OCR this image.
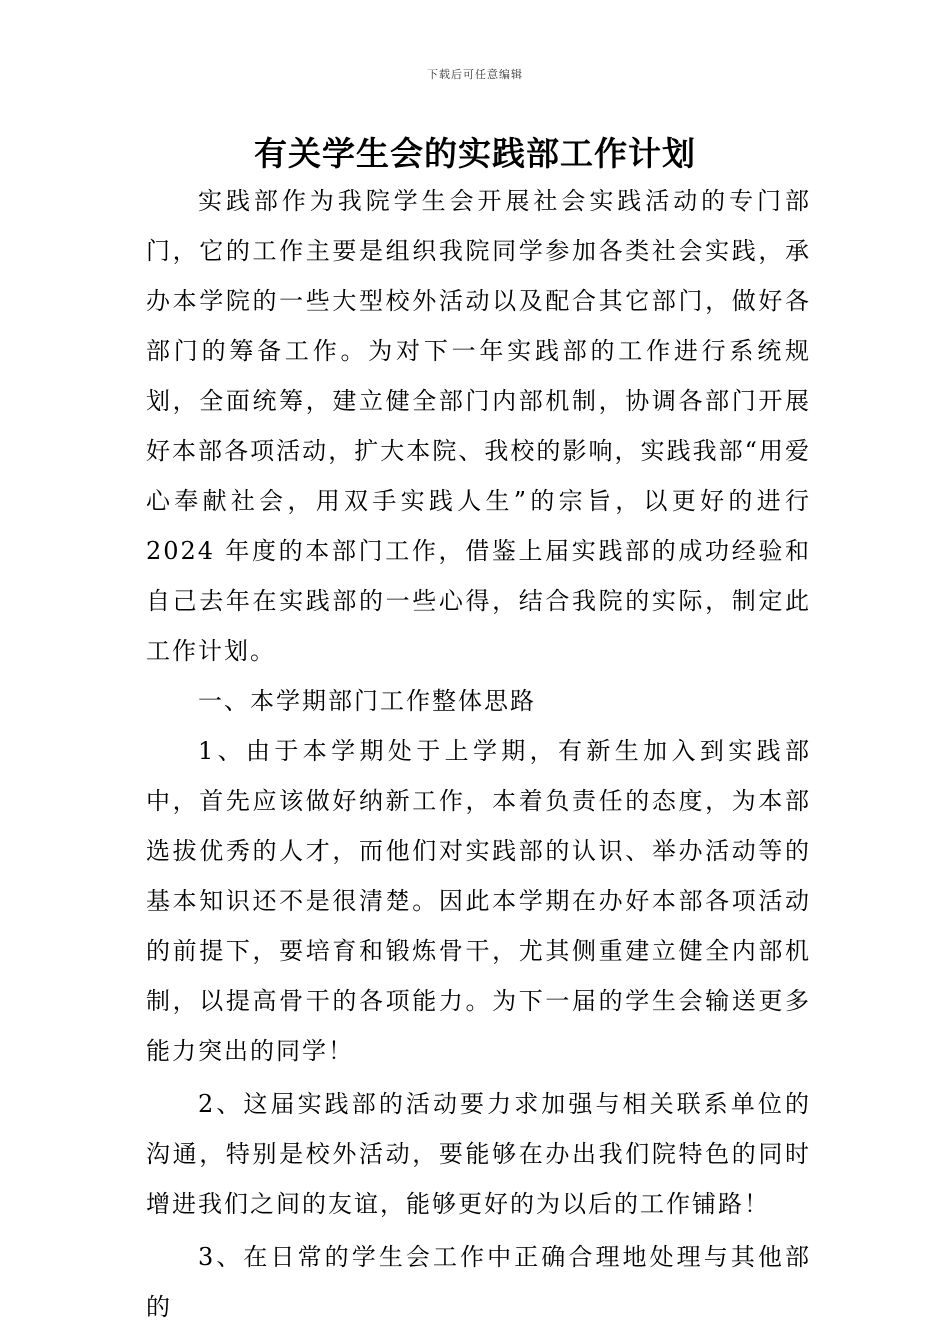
下载后可任意编辑
有关学生会的实践部工作计划

实践部作为我院学生会开展社会实践活动的专门部门，它的工作主要是组织我院同学参加各类社会实践，承办本学院的一些大型校外活动以及配合其它部门，做好各部门的筹备工作。为对下一年实践部的工作进行系统规划，全面统筹，建立健全部门内部机制，协调各部门开展好本部各项活动，扩大本院、我校的影响，实践我部“用爱心奉献社会，用双手实践人生”的宗旨，以更好的进行 2024 年度的本部门工作，借鉴上届实践部的成功经验和自己去年在实践部的一些心得，结合我院的实际，制定此工作计划。

一、本学期部门工作整体思路

1、由于本学期处于上学期，有新生加入到实践部中，首先应该做好纳新工作，本着负责任的态度，为本部选拔优秀的人才，而他们对实践部的认识、举办活动等的基本知识还不是很清楚。因此本学期在办好本部各项活动的前提下，要培育和锻炼骨干，尤其侧重建立健全内部机制，以提高骨干的各项能力。为下一届的学生会输送更多能力突出的同学！

2、这届实践部的活动要力求加强与相关联系单位的沟通，特别是校外活动，要能够在办出我们院特色的同时增进我们之间的友谊，能够更好的为以后的工作铺路！

3、在日常的学生会工作中正确合理地处理与其他部的
